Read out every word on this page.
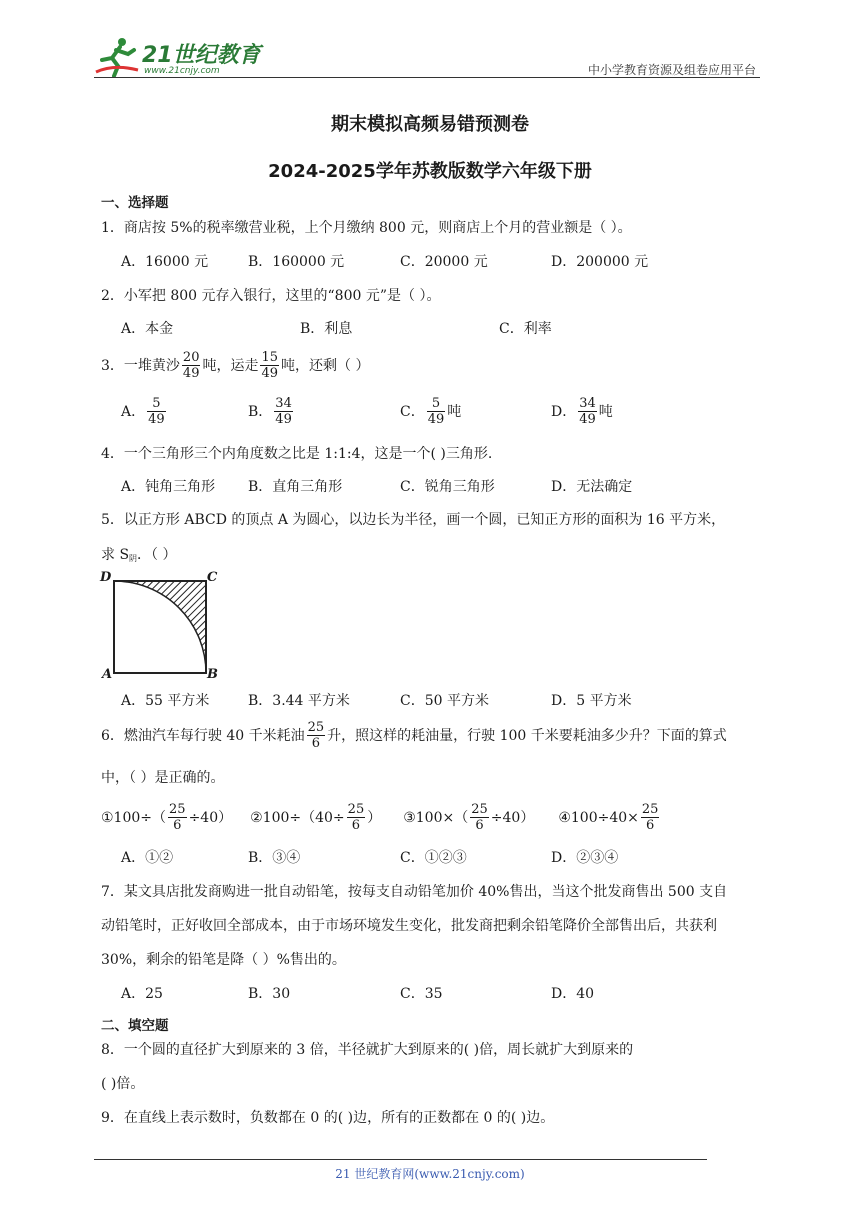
21世纪教育
www.21cnjy.com	中小学教育资源及组卷应用平台
期末模拟高频易错预测卷
2024-2025学年苏教版数学六年级下册
一、选择题
1．商店按 5%的税率缴营业税，上个月缴纳 800 元，则商店上个月的营业额是（ ）。
A．16000 元	B．160000 元	C．20000 元	D．200000 元
2．小军把 800 元存入银行，这里的“800 元”是（ ）。
A．本金	B．利息	C．利率
3．一堆黄沙 $\frac{20}{49}$ 吨，运走 $\frac{15}{49}$ 吨，还剩（ ）
A． $\frac{5}{49}$	B． $\frac{34}{49}$	C． $\frac{5}{49}$ 吨	D． $\frac{34}{49}$ 吨
4．一个三角形三个内角度数之比是 1:1:4，这是一个( )三角形.
A．钝角三角形 B．直角三角形	C．锐角三角形	D．无法确定
5．以正方形 ABCD 的顶点 A 为圆心，以边长为半径，画一个圆，已知正方形的面积为 16 平方米，
求 $S_阴$．（ ）
D	C
A	B
A．55 平方米	B．3.44 平方米	C．50 平方米	D．5 平方米
6．燃油汽车每行驶 40 千米耗油 $\frac{25}{6}$ 升，照这样的耗油量，行驶 100 千米要耗油多少升？下面的算式
中，（ ）是正确的。
①100÷（ $\frac{25}{6} \div 40$） ②100÷（40÷ $\frac{25}{6}$ ） ③100×（ $\frac{25}{6} \div 40$） ④100÷40× $\frac{25}{6}$
A．①②	B．③④	C．①②③	D．②③④
7．某文具店批发商购进一批自动铅笔，按每支自动铅笔加价 40%售出，当这个批发商售出 500 支自
动铅笔时，正好收回全部成本，由于市场环境发生变化，批发商把剩余铅笔降价全部售出后，共获利
30%，剩余的铅笔是降（ ）%售出的。
A．25	B．30	C．35	D．40
二、填空题
8．一个圆的直径扩大到原来的 3 倍，半径就扩大到原来的( )倍，周长就扩大到原来的
( )倍。
9．在直线上表示数时，负数都在 0 的( )边，所有的正数都在 0 的( )边。
21 世纪教育网(www.21cnjy.com)
